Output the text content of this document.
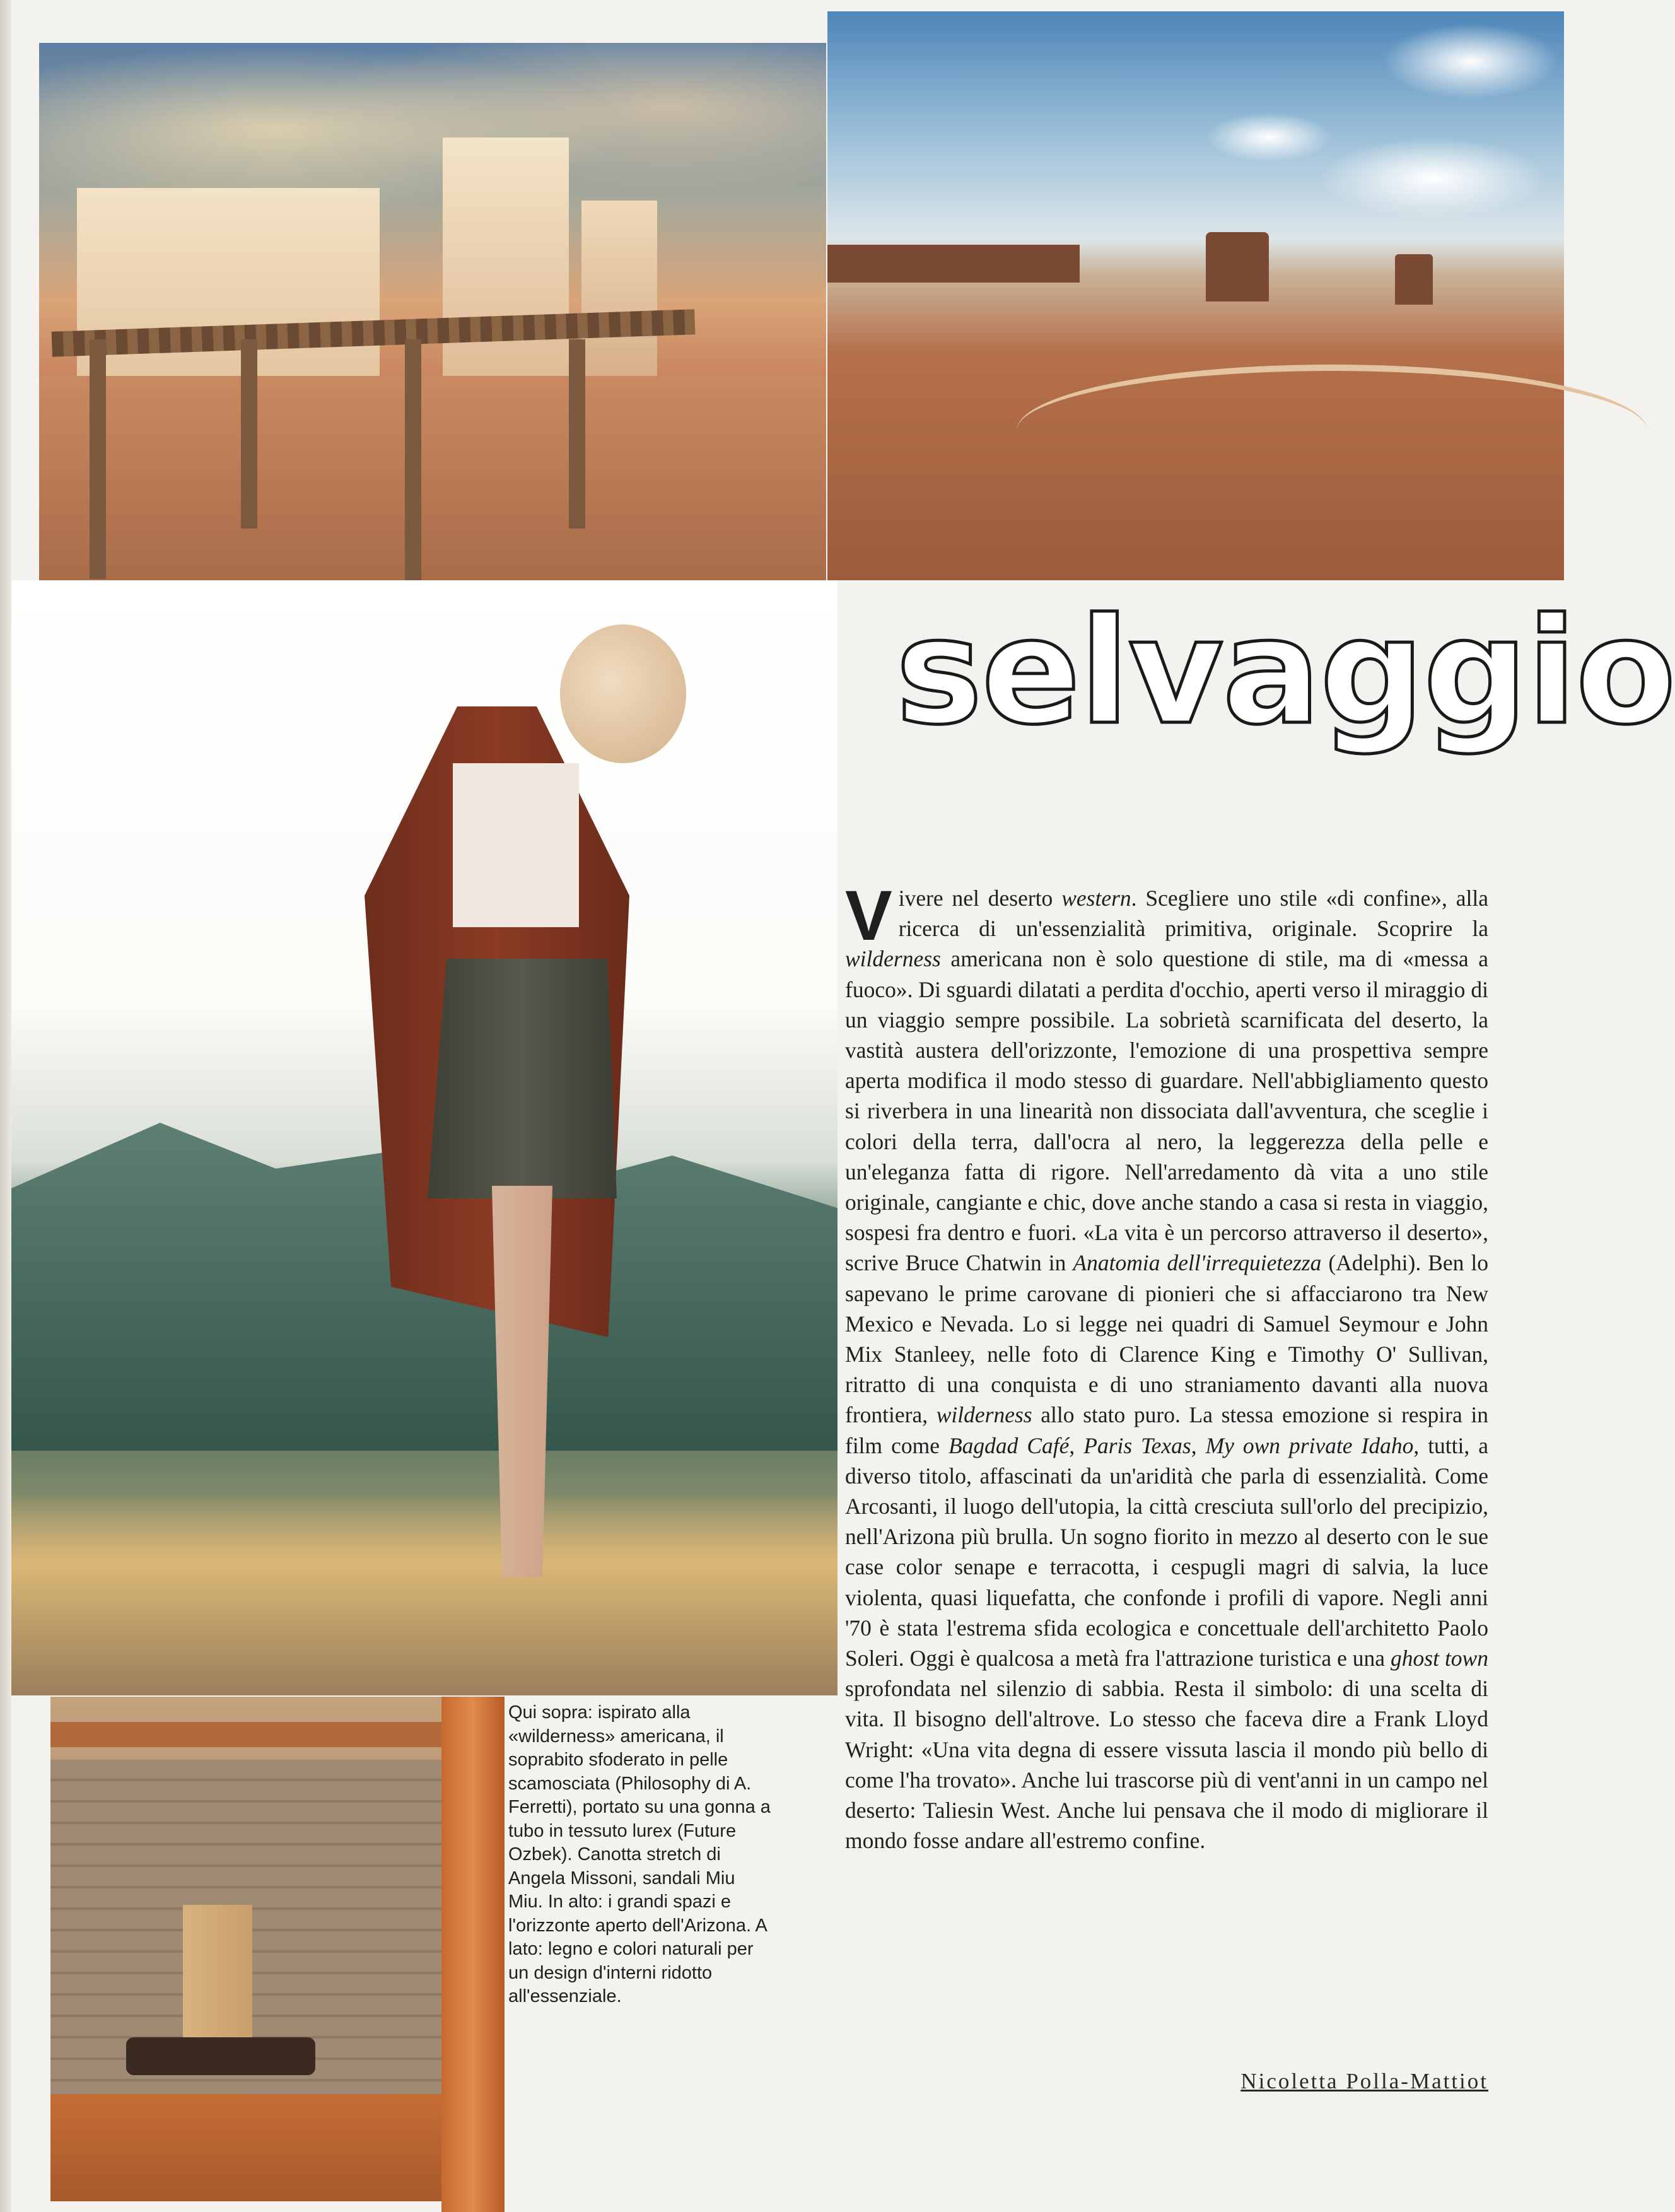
selvaggio

Vivere nel deserto western. Scegliere uno stile «di confine», alla ricerca di un'essenzialità primitiva, originale. Scoprire la wilderness americana non è solo questione di stile, ma di «messa a fuoco». Di sguardi dilatati a perdita d'occhio, aperti verso il miraggio di un viaggio sempre possibile. La sobrietà scarnificata del deserto, la vastità austera dell'orizzonte, l'emozione di una prospettiva sempre aperta modifica il modo stesso di guardare. Nell'abbigliamento questo si riverbera in una linearità non dissociata dall'avventura, che sceglie i colori della terra, dall'ocra al nero, la leggerezza della pelle e un'eleganza fatta di rigore. Nell'arredamento dà vita a uno stile originale, cangiante e chic, dove anche stando a casa si resta in viaggio, sospesi fra dentro e fuori. «La vita è un percorso attraverso il deserto», scrive Bruce Chatwin in Anatomia dell'irrequietezza (Adelphi). Ben lo sapevano le prime carovane di pionieri che si affacciarono tra New Mexico e Nevada. Lo si legge nei quadri di Samuel Seymour e John Mix Stanleey, nelle foto di Clarence King e Timothy O' Sullivan, ritratto di una conquista e di uno straniamento davanti alla nuova frontiera, wilderness allo stato puro. La stessa emozione si respira in film come Bagdad Café, Paris Texas, My own private Idaho, tutti, a diverso titolo, affascinati da un'aridità che parla di essenzialità. Come Arcosanti, il luogo dell'utopia, la città cresciuta sull'orlo del precipizio, nell'Arizona più brulla. Un sogno fiorito in mezzo al deserto con le sue case color senape e terracotta, i cespugli magri di salvia, la luce violenta, quasi liquefatta, che confonde i profili di vapore. Negli anni '70 è stata l'estrema sfida ecologica e concettuale dell'architetto Paolo Soleri. Oggi è qualcosa a metà fra l'attrazione turistica e una ghost town sprofondata nel silenzio di sabbia. Resta il simbolo: di una scelta di vita. Il bisogno dell'altrove. Lo stesso che faceva dire a Frank Lloyd Wright: «Una vita degna di essere vissuta lascia il mondo più bello di come l'ha trovato». Anche lui trascorse più di vent'anni in un campo nel deserto: Taliesin West. Anche lui pensava che il modo di migliorare il mondo fosse andare all'estremo confine.

Nicoletta Polla-Mattiot

Qui sopra: ispirato alla «wilderness» americana, il soprabito sfoderato in pelle scamosciata (Philosophy di A. Ferretti), portato su una gonna a tubo in tessuto lurex (Future Ozbek). Canotta stretch di Angela Missoni, sandali Miu Miu. In alto: i grandi spazi e l'orizzonte aperto dell'Arizona. A lato: legno e colori naturali per un design d'interni ridotto all'essenziale.
